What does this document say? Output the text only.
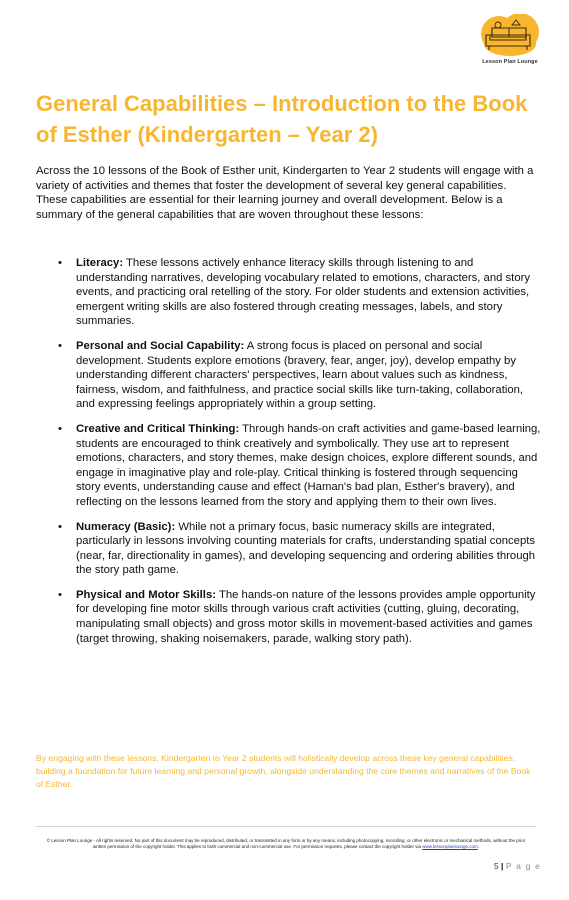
Lesson Plan Lounge
General Capabilities – Introduction to the Book of Esther (Kindergarten – Year 2)

Across the 10 lessons of the Book of Esther unit, Kindergarten to Year 2 students will engage with a variety of activities and themes that foster the development of several key general capabilities. These capabilities are essential for their learning journey and overall development. Below is a summary of the general capabilities that are woven throughout these lessons:

• Literacy: These lessons actively enhance literacy skills through listening to and understanding narratives, developing vocabulary related to emotions, characters, and story events, and practicing oral retelling of the story. For older students and extension activities, emergent writing skills are also fostered through creating messages, labels, and story summaries.
• Personal and Social Capability: A strong focus is placed on personal and social development. Students explore emotions (bravery, fear, anger, joy), develop empathy by understanding different characters' perspectives, learn about values such as kindness, fairness, wisdom, and faithfulness, and practice social skills like turn-taking, collaboration, and expressing feelings appropriately within a group setting.
• Creative and Critical Thinking: Through hands-on craft activities and game-based learning, students are encouraged to think creatively and symbolically. They use art to represent emotions, characters, and story themes, make design choices, explore different sounds, and engage in imaginative play and role-play. Critical thinking is fostered through sequencing story events, understanding cause and effect (Haman's bad plan, Esther's bravery), and reflecting on the lessons learned from the story and applying them to their own lives.
• Numeracy (Basic): While not a primary focus, basic numeracy skills are integrated, particularly in lessons involving counting materials for crafts, understanding spatial concepts (near, far, directionality in games), and developing sequencing and ordering abilities through the story path game.
• Physical and Motor Skills: The hands-on nature of the lessons provides ample opportunity for developing fine motor skills through various craft activities (cutting, gluing, decorating, manipulating small objects) and gross motor skills in movement-based activities and games (target throwing, shaking noisemakers, parade, walking story path).

By engaging with these lessons, Kindergarten to Year 2 students will holistically develop across these key general capabilities, building a foundation for future learning and personal growth, alongside understanding the core themes and narratives of the Book of Esther.

© Lesson Plan Lounge - All rights reserved. No part of this document may be reproduced, distributed, or transmitted in any form or by any means, including photocopying, recording, or other electronic or mechanical methods, without the prior written permission of the copyright holder. This applies to both commercial and non-commercial use. For permission requests, please contact the copyright holder via www.lessonplanlounge.com.

5 | P a g e
